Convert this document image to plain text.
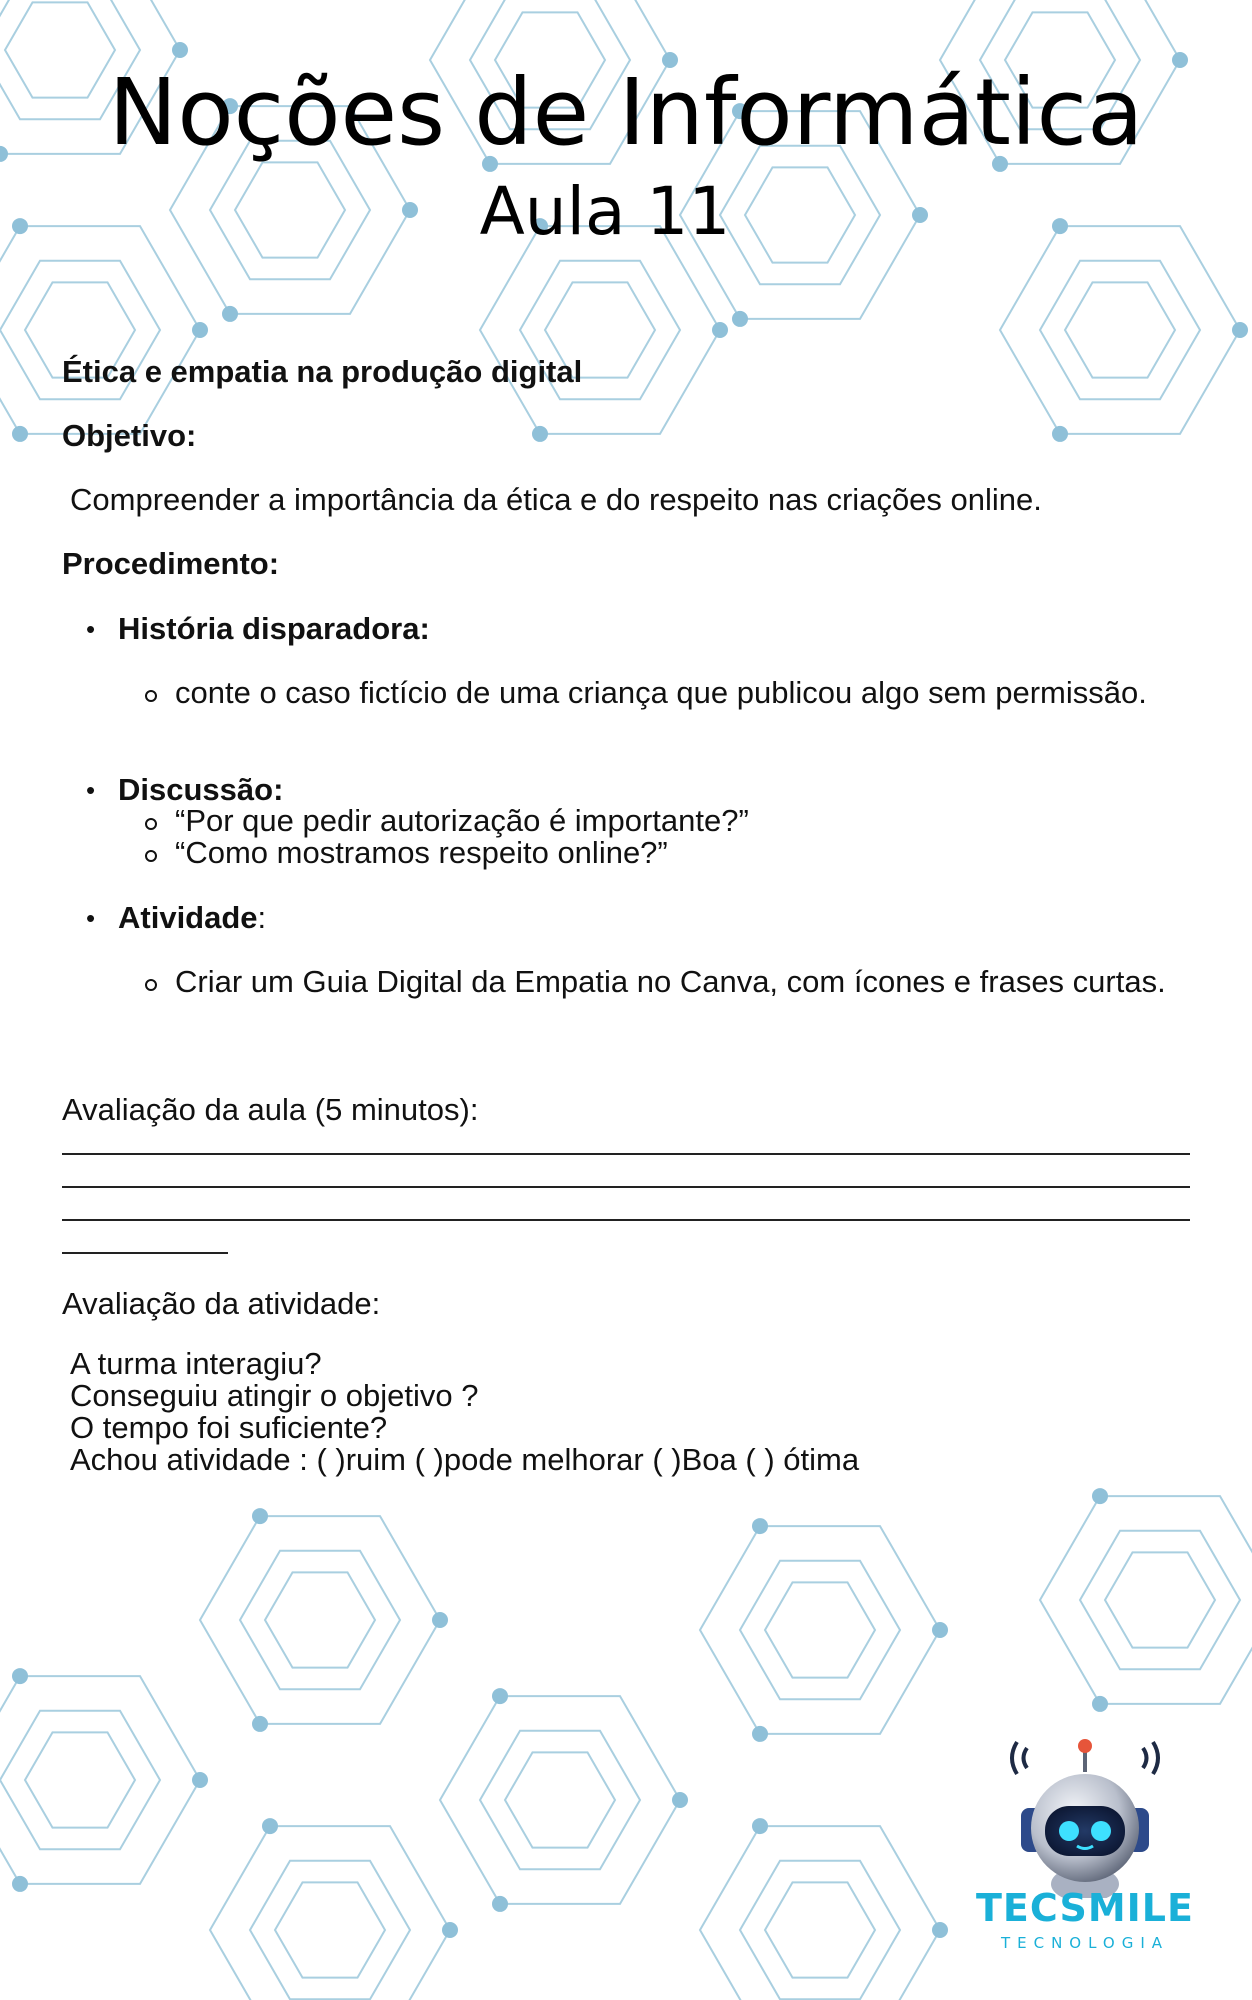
Noções de Informática
Aula 11
Ética e empatia na produção digital
Objetivo:
Compreender a importância da ética e do respeito nas criações online.
Procedimento:
• História disparadora:
conte o caso fictício de uma criança que publicou algo sem permissão.
• Discussão:
“Por que pedir autorização é importante?”
“Como mostramos respeito online?”
• Atividade:
Criar um Guia Digital da Empatia no Canva, com ícones e frases curtas.
Avaliação da aula (5 minutos):
Avaliação da atividade:
A turma interagiu?
Conseguiu atingir o objetivo ?
O tempo foi suficiente?
Achou atividade : ( )ruim ( )pode melhorar ( )Boa ( ) ótima
TECSMILE
TECNOLOGIA
